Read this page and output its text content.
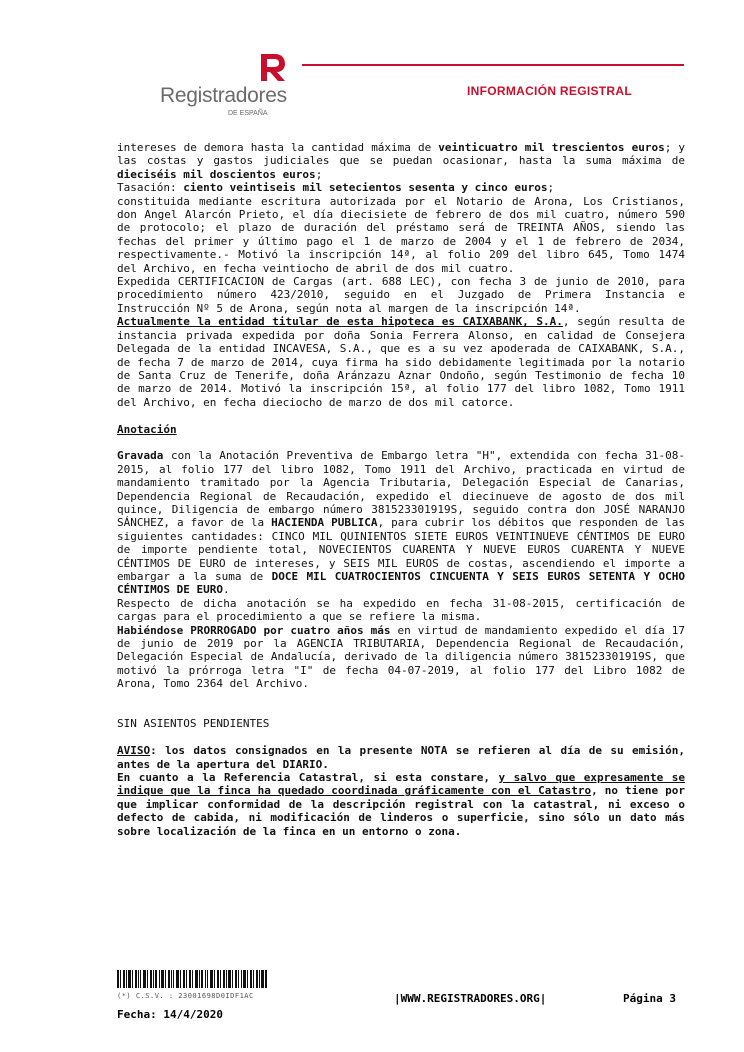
Registradores
DE ESPAÑA
INFORMACIÓN REGISTRAL

intereses de demora hasta la cantidad máxima de veinticuatro mil trescientos euros; y las costas y gastos judiciales que se puedan ocasionar, hasta la suma máxima de dieciséis mil doscientos euros;

Tasación: ciento veintiseis mil setecientos sesenta y cinco euros;

constituida mediante escritura autorizada por el Notario de Arona, Los Cristianos, don Angel Alarcón Prieto, el día diecisiete de febrero de dos mil cuatro, número 590 de protocolo; el plazo de duración del préstamo será de TREINTA AÑOS, siendo las fechas del primer y último pago el 1 de marzo de 2004 y el 1 de febrero de 2034, respectivamente.- Motivó la inscripción 14ª, al folio 209 del libro 645, Tomo 1474 del Archivo, en fecha veintiocho de abril de dos mil cuatro.

Expedida CERTIFICACION de Cargas (art. 688 LEC), con fecha 3 de junio de 2010, para procedimiento número 423/2010, seguido en el Juzgado de Primera Instancia e Instrucción Nº 5 de Arona, según nota al margen de la inscripción 14ª.

Actualmente la entidad titular de esta hipoteca es CAIXABANK, S.A., según resulta de instancia privada expedida por doña Sonia Ferrera Alonso, en calidad de Consejera Delegada de la entidad INCAVESA, S.A., que es a su vez apoderada de CAIXABANK, S.A., de fecha 7 de marzo de 2014, cuya firma ha sido debidamente legitimada por la notario de Santa Cruz de Tenerife, doña Aránzazu Aznar Ondoño, según Testimonio de fecha 10 de marzo de 2014. Motivó la inscripción 15ª, al folio 177 del libro 1082, Tomo 1911 del Archivo, en fecha dieciocho de marzo de dos mil catorce.

Anotación

Gravada con la Anotación Preventiva de Embargo letra "H", extendida con fecha 31-08-2015, al folio 177 del libro 1082, Tomo 1911 del Archivo, practicada en virtud de mandamiento tramitado por la Agencia Tributaria, Delegación Especial de Canarias, Dependencia Regional de Recaudación, expedido el diecinueve de agosto de dos mil quince, Diligencia de embargo número 381523301919S, seguido contra don JOSÉ NARANJO SÁNCHEZ, a favor de la HACIENDA PUBLICA, para cubrir los débitos que responden de las siguientes cantidades: CINCO MIL QUINIENTOS SIETE EUROS VEINTINUEVE CÉNTIMOS DE EURO de importe pendiente total, NOVECIENTOS CUARENTA Y NUEVE EUROS CUARENTA Y NUEVE CÉNTIMOS DE EURO de intereses, y SEIS MIL EUROS de costas, ascendiendo el importe a embargar a la suma de DOCE MIL CUATROCIENTOS CINCUENTA Y SEIS EUROS SETENTA Y OCHO CÉNTIMOS DE EURO.

Respecto de dicha anotación se ha expedido en fecha 31-08-2015, certificación de cargas para el procedimiento a que se refiere la misma.

Habiéndose PRORROGADO por cuatro años más en virtud de mandamiento expedido el día 17 de junio de 2019 por la AGENCIA TRIBUTARIA, Dependencia Regional de Recaudación, Delegación Especial de Andalucía, derivado de la diligencia número 381523301919S, que motivó la prórroga letra "I" de fecha 04-07-2019, al folio 177 del Libro 1082 de Arona, Tomo 2364 del Archivo.

SIN ASIENTOS PENDIENTES

AVISO: los datos consignados en la presente NOTA se refieren al día de su emisión, antes de la apertura del DIARIO.

En cuanto a la Referencia Catastral, si esta constare, y salvo que expresamente se indique que la finca ha quedado coordinada gráficamente con el Catastro, no tiene por que implicar conformidad de la descripción registral con la catastral, ni exceso o defecto de cabida, ni modificación de linderos o superficie, sino sólo un dato más sobre localización de la finca en un entorno o zona.

(*) C.S.V. : 23001698D0IDF1AC	|WWW.REGISTRADORES.ORG|	Página 3
Fecha: 14/4/2020
